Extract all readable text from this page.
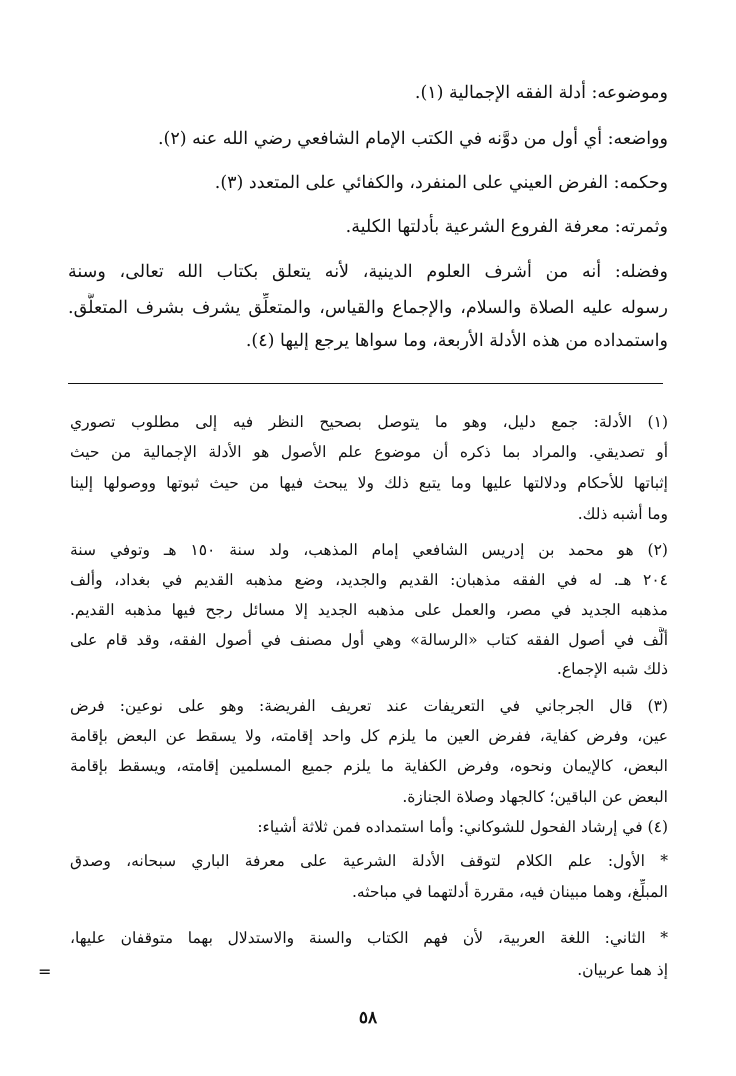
وموضوعه: أدلة الفقه الإجمالية (١).

وواضعه: أي أول من دوَّنه في الكتب الإمام الشافعي رضي الله عنه (٢).

وحكمه: الفرض العيني على المنفرد، والكفائي على المتعدد (٣).

وثمرته: معرفة الفروع الشرعية بأدلتها الكلية.

وفضله: أنه من أشرف العلوم الدينية، لأنه يتعلق بكتاب الله تعالى، وسنة

رسوله عليه الصلاة والسلام، والإجماع والقياس، والمتعلِّق يشرف بشرف المتعلَّق.

واستمداده من هذه الأدلة الأربعة، وما سواها يرجع إليها (٤).

(١) الأدلة: جمع دليل، وهو ما يتوصل بصحيح النظر فيه إلى مطلوب تصوري

أو تصديقي. والمراد بما ذكره أن موضوع علم الأصول هو الأدلة الإجمالية من حيث

إثباتها للأحكام ودلالتها عليها وما يتبع ذلك ولا يبحث فيها من حيث ثبوتها ووصولها إلينا

وما أشبه ذلك.

(٢) هو محمد بن إدريس الشافعي إمام المذهب، ولد سنة ١٥٠ هـ وتوفي سنة

٢٠٤ هـ. له في الفقه مذهبان: القديم والجديد، وضع مذهبه القديم في بغداد، وألف

مذهبه الجديد في مصر، والعمل على مذهبه الجديد إلا مسائل رجح فيها مذهبه القديم.

ألَّف في أصول الفقه كتاب «الرسالة» وهي أول مصنف في أصول الفقه، وقد قام على

ذلك شبه الإجماع.

(٣) قال الجرجاني في التعريفات عند تعريف الفريضة: وهو على نوعين: فرض

عين، وفرض كفاية، ففرض العين ما يلزم كل واحد إقامته، ولا يسقط عن البعض بإقامة

البعض، كالإيمان ونحوه، وفرض الكفاية ما يلزم جميع المسلمين إقامته، ويسقط بإقامة

البعض عن الباقين؛ كالجهاد وصلاة الجنازة.

(٤) في إرشاد الفحول للشوكاني: وأما استمداده فمن ثلاثة أشياء:

* الأول: علم الكلام لتوقف الأدلة الشرعية على معرفة الباري سبحانه، وصدق

المبلِّغ، وهما مبينان فيه، مقررة أدلتهما في مباحثه.

* الثاني: اللغة العربية، لأن فهم الكتاب والسنة والاستدلال بهما متوقفان عليها،

إذ هما عربيان.

=
٥٨
